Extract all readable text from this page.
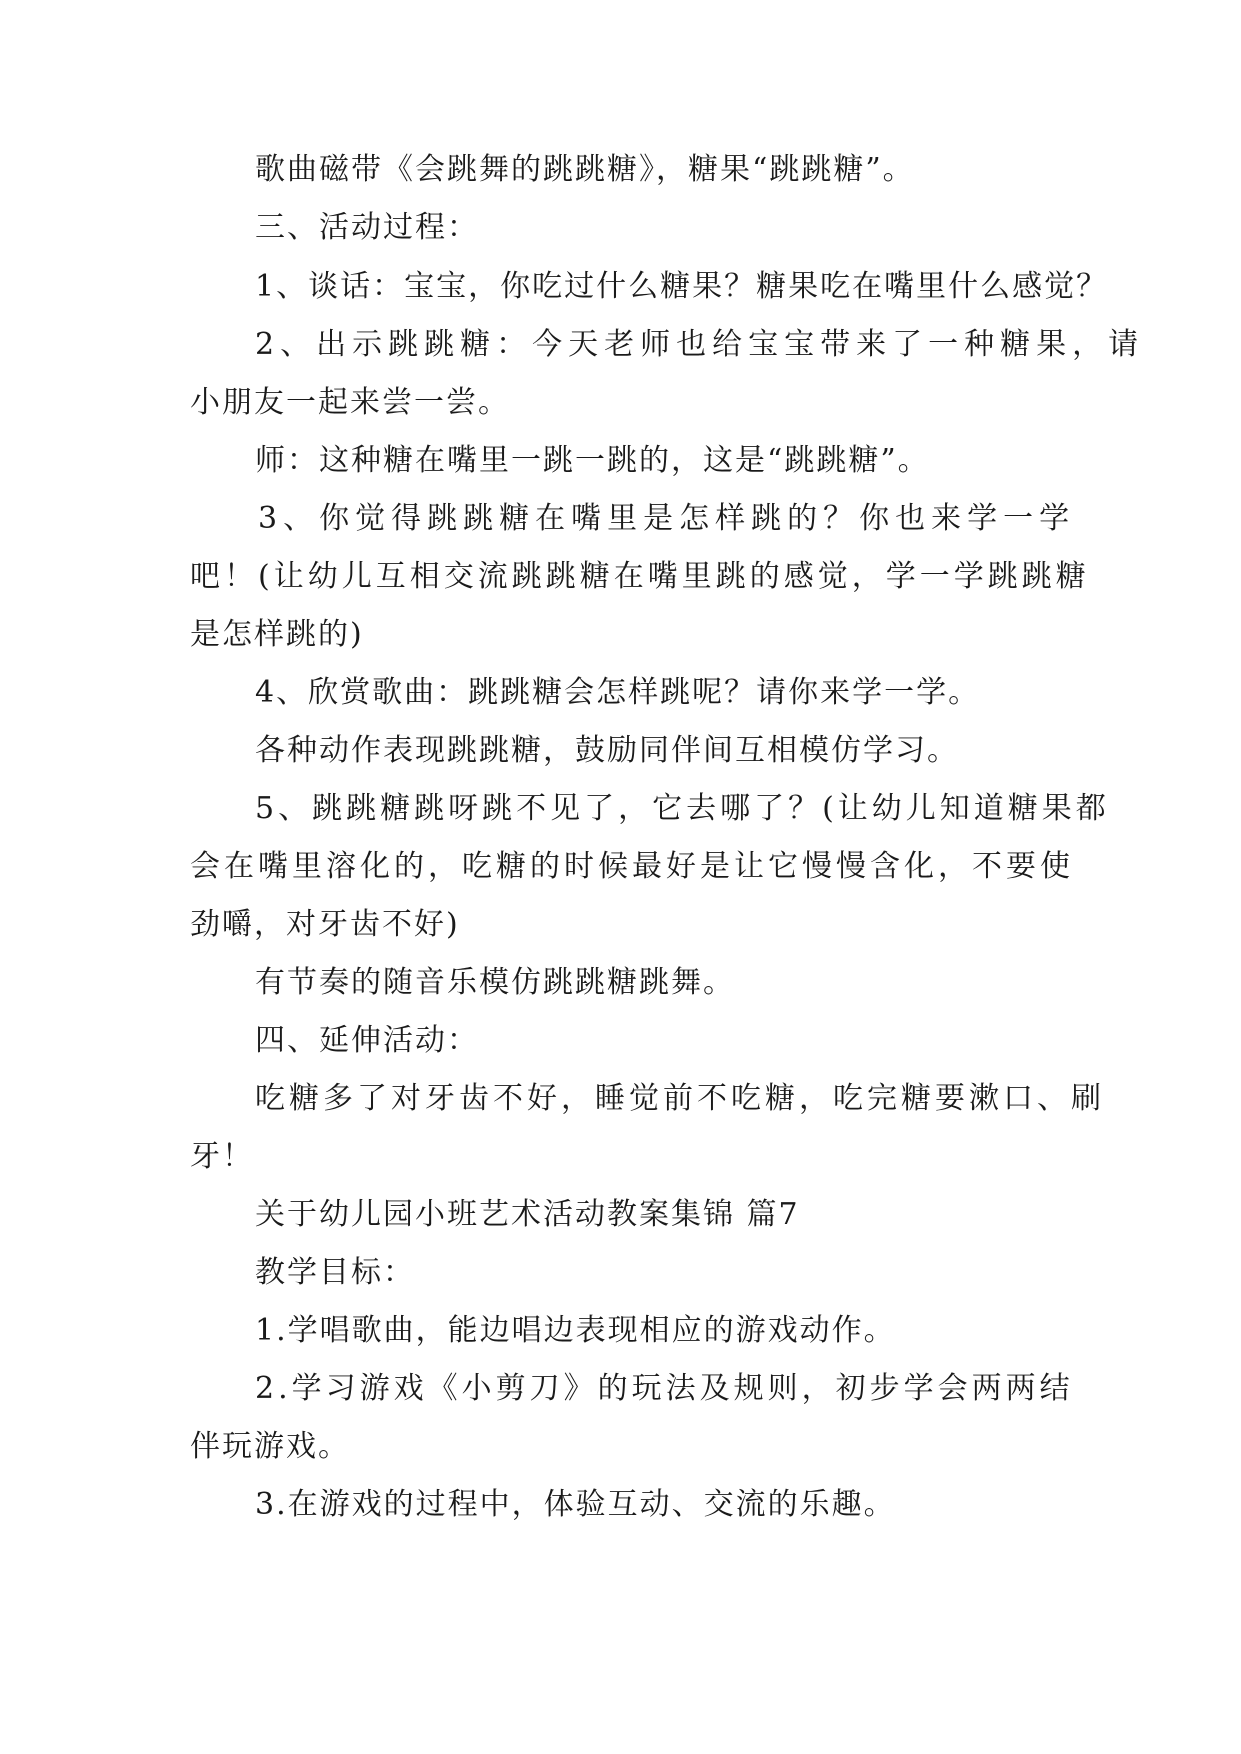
歌曲磁带《会跳舞的跳跳糖》，糖果“跳跳糖”。
三、活动过程：
1、谈话：宝宝，你吃过什么糖果？糖果吃在嘴里什么感觉？
2、出示跳跳糖：今天老师也给宝宝带来了一种糖果，请
小朋友一起来尝一尝。
师：这种糖在嘴里一跳一跳的，这是“跳跳糖”。
3、你觉得跳跳糖在嘴里是怎样跳的？你也来学一学
吧！(让幼儿互相交流跳跳糖在嘴里跳的感觉，学一学跳跳糖
是怎样跳的)
4、欣赏歌曲：跳跳糖会怎样跳呢？请你来学一学。
各种动作表现跳跳糖，鼓励同伴间互相模仿学习。
5、跳跳糖跳呀跳不见了，它去哪了？(让幼儿知道糖果都
会在嘴里溶化的，吃糖的时候最好是让它慢慢含化，不要使
劲嚼，对牙齿不好)
有节奏的随音乐模仿跳跳糖跳舞。
四、延伸活动：
吃糖多了对牙齿不好，睡觉前不吃糖，吃完糖要漱口、刷
牙！
关于幼儿园小班艺术活动教案集锦 篇7
教学目标：
1.学唱歌曲，能边唱边表现相应的游戏动作。
2.学习游戏《小剪刀》的玩法及规则，初步学会两两结
伴玩游戏。
3.在游戏的过程中，体验互动、交流的乐趣。
